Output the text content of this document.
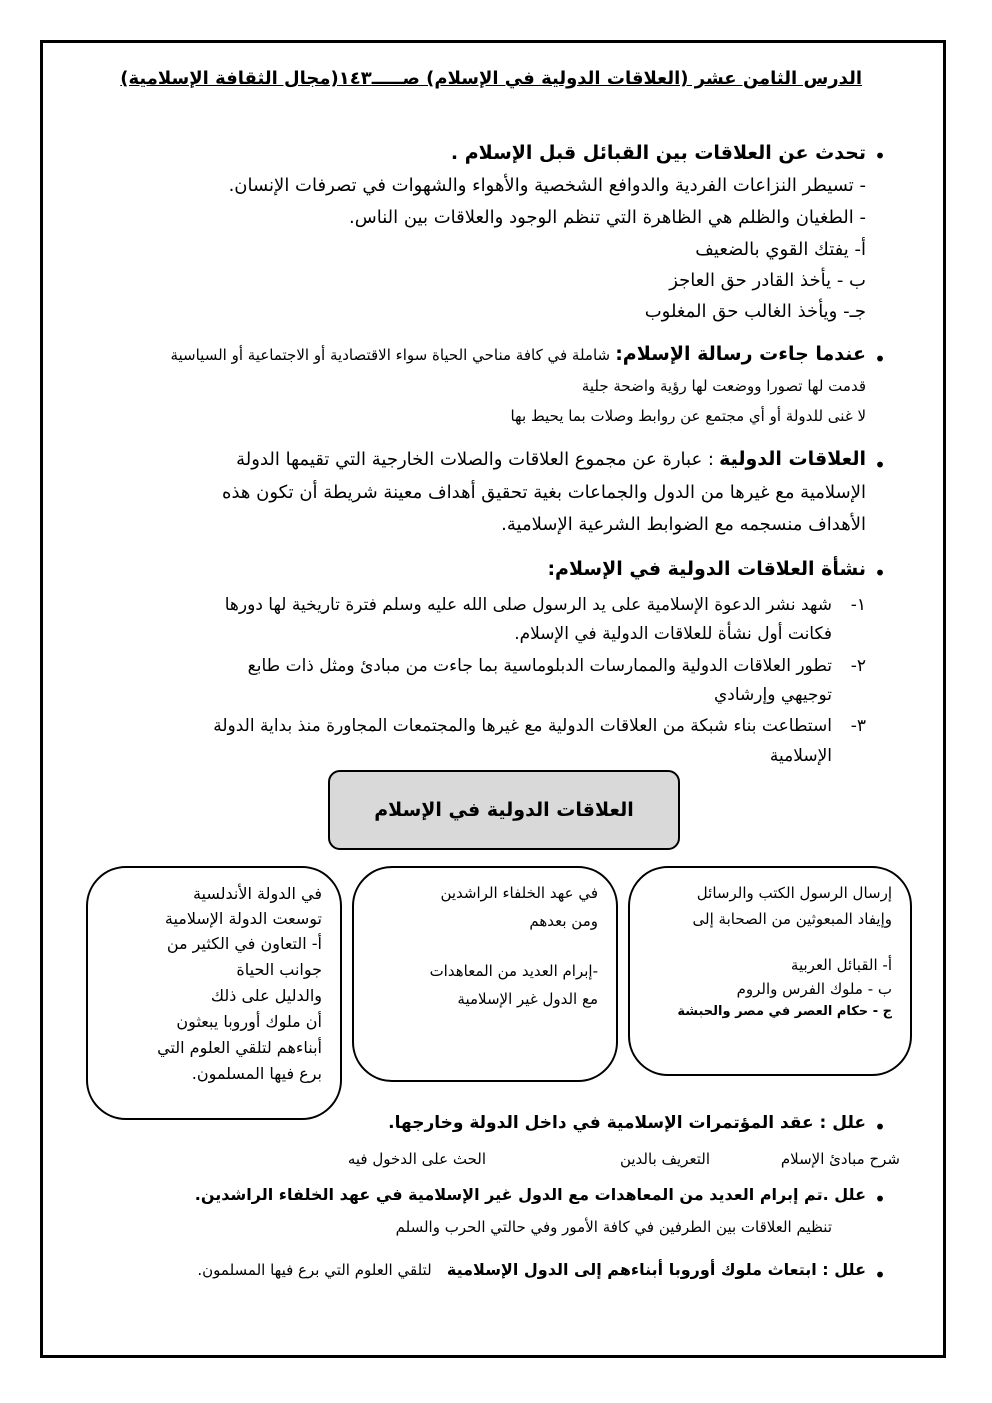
الدرس الثامن عشر (العلاقات الدولية في الإسلام) صـــــ١٤٣(مجال الثقافة الإسلامية)
•
تحدث عن العلاقات بين القبائل قبل الإسلام .
- تسيطر النزاعات الفردية والدوافع الشخصية والأهواء والشهوات في تصرفات الإنسان.
- الطغيان والظلم هي الظاهرة التي تنظم الوجود والعلاقات بين الناس.
أ- يفتك القوي بالضعيف
ب - يأخذ القادر حق العاجز
جـ- ويأخذ الغالب حق المغلوب
•
عندما جاءت رسالة الإسلام: شاملة في كافة مناحي الحياة سواء الاقتصادية أو الاجتماعية أو السياسية
قدمت لها تصورا ووضعت لها رؤية واضحة جلية
لا غنى للدولة أو أي مجتمع عن روابط وصلات بما يحيط بها
•
العلاقات الدولية : عبارة عن مجموع العلاقات والصلات الخارجية التي تقيمها الدولة
الإسلامية مع غيرها من الدول والجماعات بغية تحقيق أهداف معينة شريطة أن تكون هذه
الأهداف منسجمه مع الضوابط الشرعية الإسلامية.
•
نشأة العلاقات الدولية في الإسلام:
١-
شهد نشر الدعوة الإسلامية على يد الرسول صلى الله عليه وسلم فترة تاريخية لها دورها
فكانت أول نشأة للعلاقات الدولية في الإسلام.
٢-
تطور العلاقات الدولية والممارسات الدبلوماسية بما جاءت من مبادئ ومثل ذات طابع
توجيهي وإرشادي
٣-
استطاعت بناء شبكة من العلاقات الدولية مع غيرها والمجتمعات المجاورة منذ بداية الدولة
الإسلامية
العلاقات الدولية في الإسلام
إرسال الرسول الكتب والرسائل
وإيفاد المبعوثين من الصحابة إلى
أ- القبائل العربية
ب - ملوك الفرس والروم
ج - حكام العصر في مصر والحبشة
في عهد الخلفاء الراشدين
ومن بعدهم
-إبرام العديد من المعاهدات
مع الدول غير الإسلامية
في الدولة الأندلسية
توسعت الدولة الإسلامية
أ- التعاون في الكثير من
جوانب الحياة
والدليل على ذلك
أن ملوك أوروبا يبعثون
أبناءهم لتلقي العلوم التي
برع فيها المسلمون.
•
علل : عقد المؤتمرات الإسلامية في داخل الدولة وخارجها.
شرح مبادئ الإسلام
التعريف بالدين
الحث على الدخول فيه
•
علل .تم إبرام العديد من المعاهدات مع الدول غير الإسلامية في عهد الخلفاء الراشدين.
تنظيم العلاقات بين الطرفين في كافة الأمور وفي حالتي الحرب والسلم
•
علل : ابتعاث ملوك أوروبا أبناءهم إلى الدول الإسلامية   لتلقي العلوم التي برع فيها المسلمون.
